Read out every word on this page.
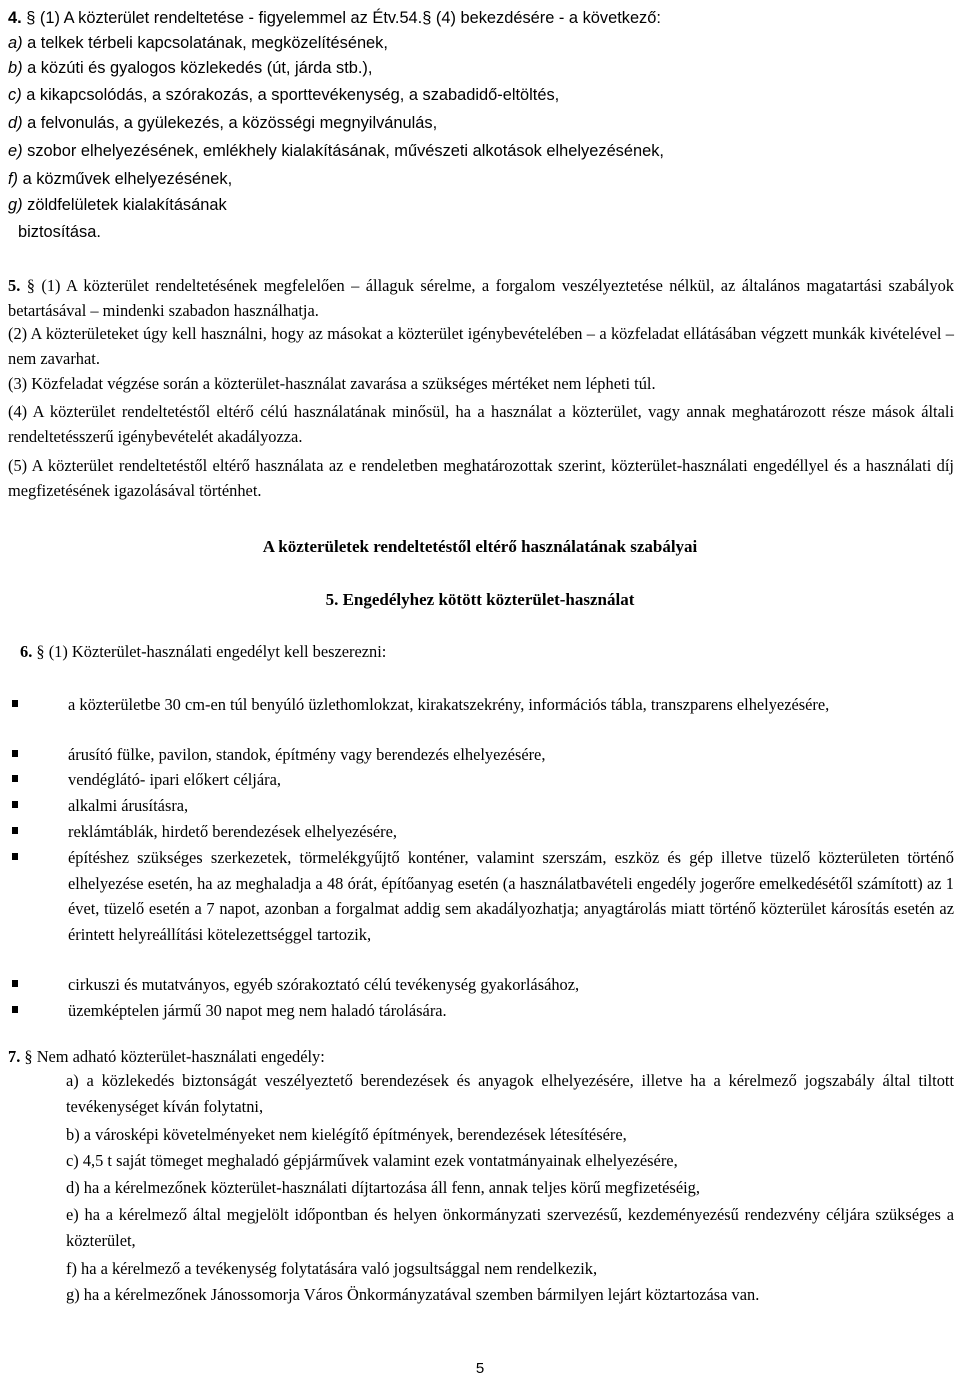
4. § (1) A közterület rendeltetése - figyelemmel az Étv.54.§ (4) bekezdésére - a következő:
a) a telkek térbeli kapcsolatának, megközelítésének,
b) a közúti és gyalogos közlekedés (út, járda stb.),
c) a kikapcsolódás, a szórakozás, a sporttevékenység, a szabadidő-eltöltés,
d) a felvonulás, a gyülekezés, a közösségi megnyilvánulás,
e) szobor elhelyezésének, emlékhely kialakításának, művészeti alkotások elhelyezésének,
f) a közművek elhelyezésének,
g) zöldfelületek kialakításának
biztosítása.
5. § (1) A közterület rendeltetésének megfelelően – állaguk sérelme, a forgalom veszélyeztetése nélkül, az általános magatartási szabályok betartásával – mindenki szabadon használhatja.
(2) A közterületeket úgy kell használni, hogy az másokat a közterület igénybevételében – a közfeladat ellátásában végzett munkák kivételével – nem zavarhat.
(3) Közfeladat végzése során a közterület-használat zavarása a szükséges mértéket nem lépheti túl.
(4) A közterület rendeltetéstől eltérő célú használatának minősül, ha a használat a közterület, vagy annak meghatározott része mások általi rendeltetésszerű igénybevételét akadályozza.
(5) A közterület rendeltetéstől eltérő használata az e rendeletben meghatározottak szerint, közterület-használati engedéllyel és a használati díj megfizetésének igazolásával történhet.
A közterületek rendeltetéstől eltérő használatának szabályai
5. Engedélyhez kötött közterület-használat
6. § (1) Közterület-használati engedélyt kell beszerezni:
a közterületbe 30 cm-en túl benyúló üzlethomlokzat, kirakatszekrény, információs tábla, transzparens elhelyezésére,
árusító fülke, pavilon, standok, építmény vagy berendezés elhelyezésére,
vendéglátó- ipari előkert céljára,
alkalmi árusításra,
reklámtáblák, hirdető berendezések elhelyezésére,
építéshez szükséges szerkezetek, törmelékgyűjtő konténer, valamint szerszám, eszköz és gép illetve tüzelő közterületen történő elhelyezése esetén, ha az meghaladja a 48 órát, építőanyag esetén (a használatbavételi engedély jogerőre emelkedésétől számított) az 1 évet, tüzelő esetén a 7 napot, azonban a forgalmat addig sem akadályozhatja; anyagtárolás miatt történő közterület károsítás esetén az érintett helyreállítási kötelezettséggel tartozik,
cirkuszi és mutatványos, egyéb szórakoztató célú tevékenység gyakorlásához,
üzemképtelen jármű 30 napot meg nem haladó tárolására.
7. § Nem adható közterület-használati engedély:
a) a közlekedés biztonságát veszélyeztető berendezések és anyagok elhelyezésére, illetve ha a kérelmező jogszabály által tiltott tevékenységet kíván folytatni,
b) a városképi követelményeket nem kielégítő építmények, berendezések létesítésére,
c) 4,5 t saját tömeget meghaladó gépjárművek valamint ezek vontatmányainak elhelyezésére,
d) ha a kérelmezőnek közterület-használati díjtartozása áll fenn, annak teljes körű megfizetéséig,
e) ha a kérelmező által megjelölt időpontban és helyen önkormányzati szervezésű, kezdeményezésű rendezvény céljára szükséges a közterület,
f) ha a kérelmező a tevékenység folytatására való jogsultsággal nem rendelkezik,
g) ha a kérelmezőnek Jánossomorja Város Önkormányzatával szemben bármilyen lejárt köztartozása van.
5
